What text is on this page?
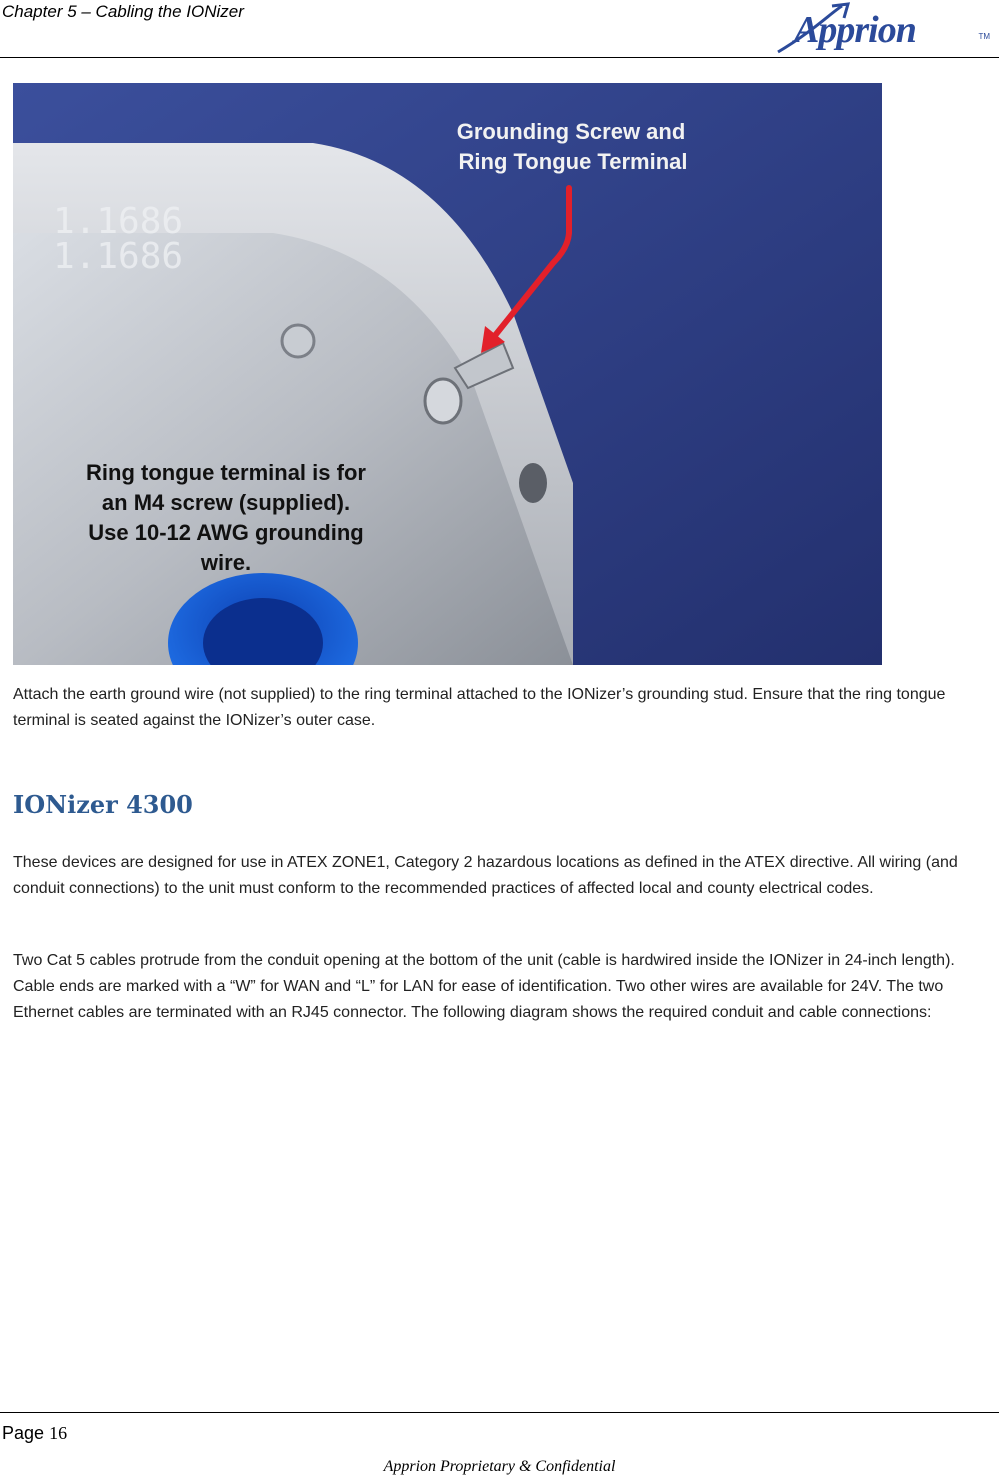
Chapter 5 – Cabling the IONizer	Apprion	TM
1.1686
1.1686
Grounding Screw and
Ring Tongue Terminal
Ring tongue terminal is for
an M4 screw (supplied).
Use 10-12 AWG grounding
wire.

Attach the earth ground wire (not supplied) to the ring terminal attached to the IONizer’s grounding stud. Ensure that the ring tongue terminal is seated against the IONizer’s outer case.

IONizer 4300

These devices are designed for use in ATEX ZONE1, Category 2 hazardous locations as defined in the ATEX directive. All wiring (and conduit connections) to the unit must conform to the recommended practices of affected local and county electrical codes.

Two Cat 5 cables protrude from the conduit opening at the bottom of the unit (cable is hardwired inside the IONizer in 24-inch length). Cable ends are marked with a “W” for WAN and “L” for LAN for ease of identification. Two other wires are available for 24V. The two Ethernet cables are terminated with an RJ45 connector. The following diagram shows the required conduit and cable connections:

Page 16
Apprion Proprietary & Confidential
